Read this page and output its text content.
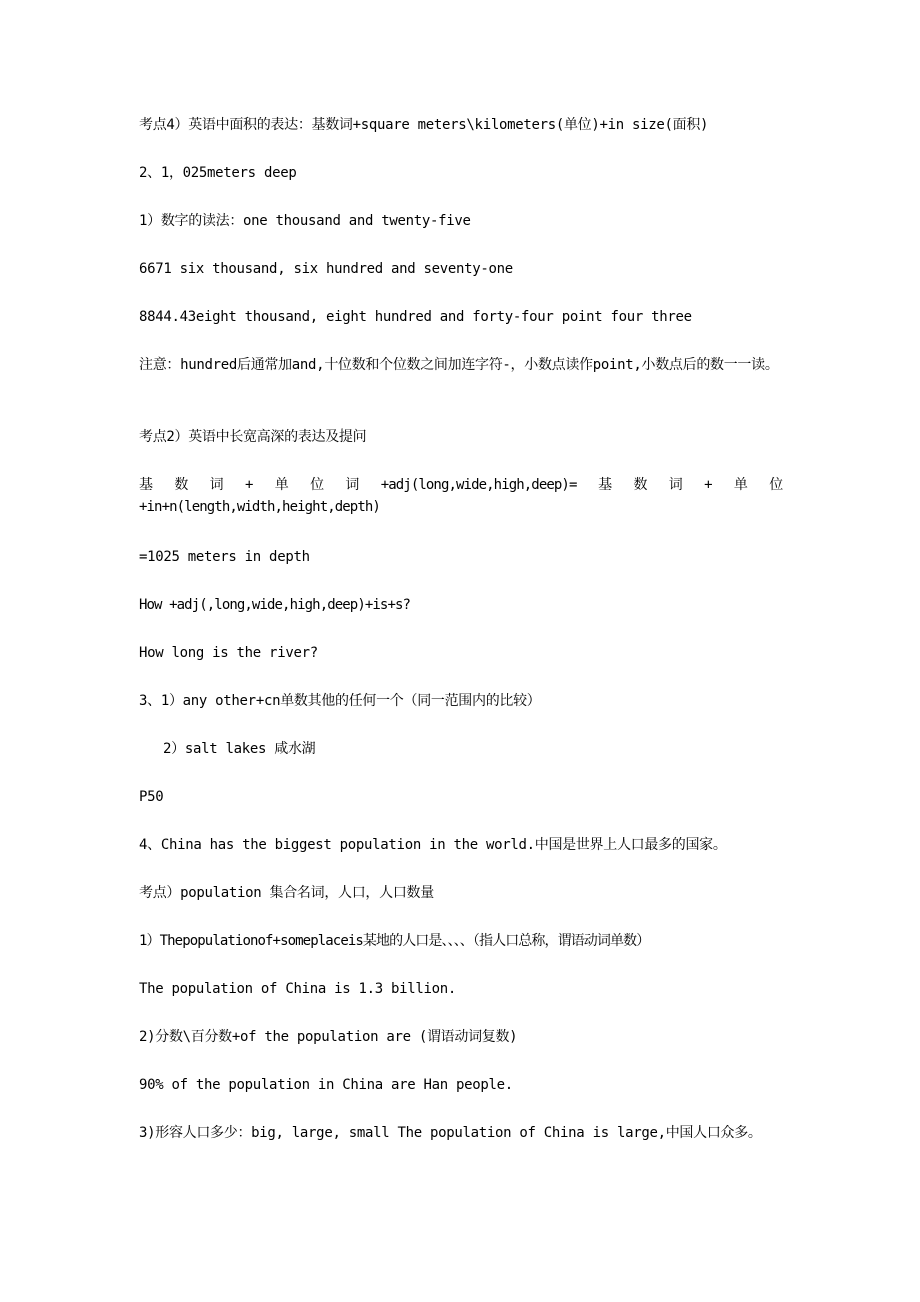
考点4）英语中面积的表达：基数词+square meters\kilometers(单位)+in size(面积)
2、1，025meters deep
1）数字的读法：one thousand and twenty-five
6671 six thousand, six hundred and seventy-one
8844.43eight thousand, eight hundred and forty-four point four three
注意：hundred后通常加and,十位数和个位数之间加连字符-，小数点读作point,小数点后的数一一读。
考点2）英语中长宽高深的表达及提问
基 数 词 + 单 位 词 +adj(long,wide,high,deep)= 基 数 词 + 单 位
+in+n(length,width,height,depth)
=1025 meters in depth
How +adj(,long,wide,high,deep)+is+s?
How long is the river?
3、1）any other+cn单数其他的任何一个（同一范围内的比较）
2）salt lakes 咸水湖
P50
4、China has the biggest population in the world.中国是世界上人口最多的国家。
考点）population 集合名词，人口，人口数量
1）Thepopulationof+someplaceis某地的人口是、、、、（指人口总称，谓语动词单数）
The population of China is 1.3 billion.
2)分数\百分数+of the population are (谓语动词复数)
90% of the population in China are Han people.
3)形容人口多少：big, large, small The population of China is large,中国人口众多。
